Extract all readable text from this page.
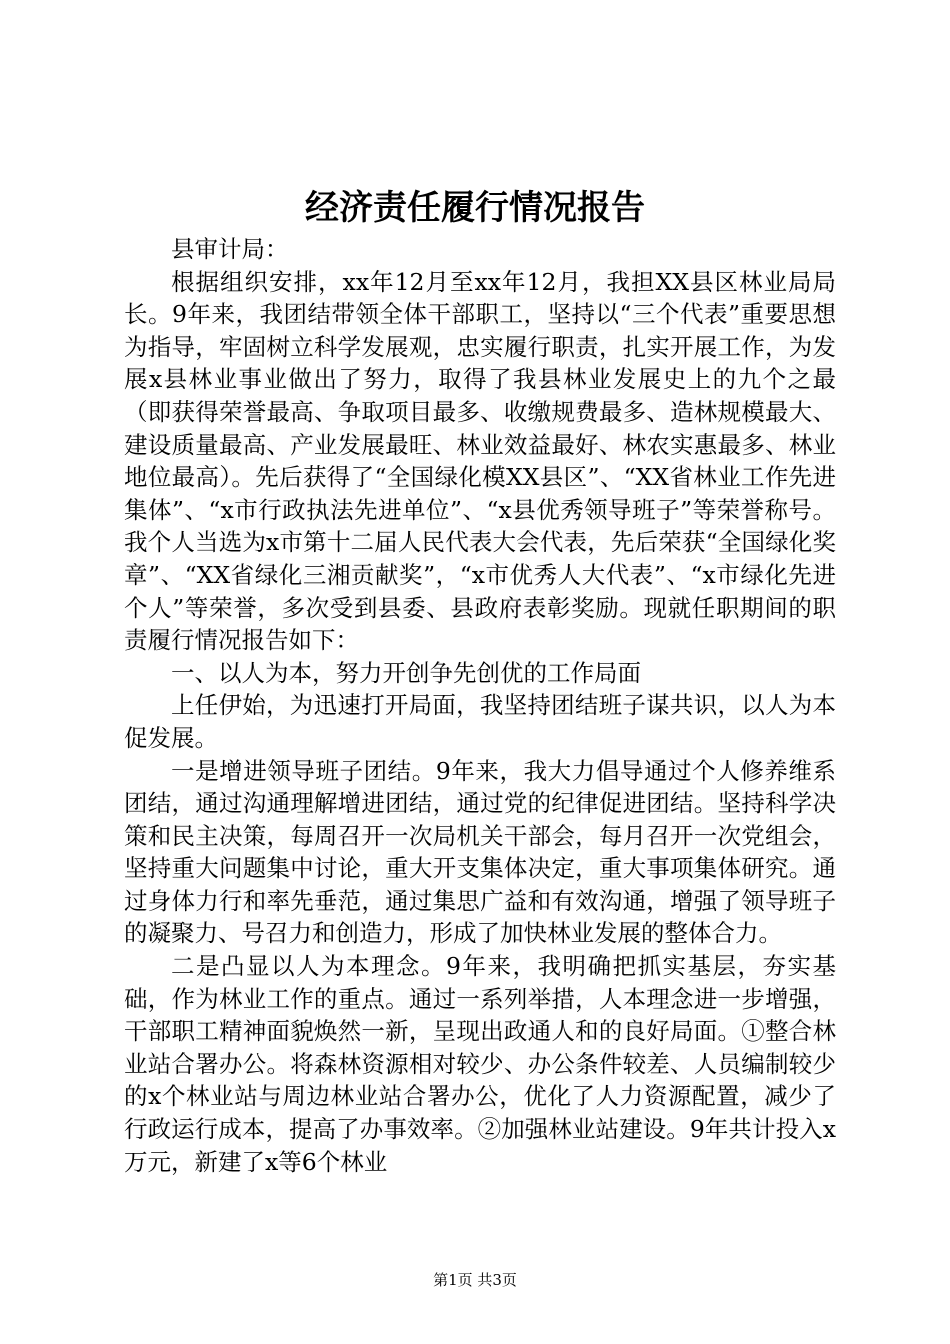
经济责任履行情况报告

县审计局：

根据组织安排，xx年12月至xx年12月，我担XX县区林业局局长。9年来，我团结带领全体干部职工，坚持以“三个代表”重要思想为指导，牢固树立科学发展观，忠实履行职责，扎实开展工作，为发展x县林业事业做出了努力，取得了我县林业发展史上的九个之最（即获得荣誉最高、争取项目最多、收缴规费最多、造林规模最大、建设质量最高、产业发展最旺、林业效益最好、林农实惠最多、林业地位最高）。先后获得了“全国绿化模XX县区”、“XX省林业工作先进集体”、“x市行政执法先进单位”、“x县优秀领导班子”等荣誉称号。我个人当选为x市第十二届人民代表大会代表，先后荣获“全国绿化奖章”、“XX省绿化三湘贡献奖”，“x市优秀人大代表”、“x市绿化先进个人”等荣誉，多次受到县委、县政府表彰奖励。现就任职期间的职责履行情况报告如下：

一、以人为本，努力开创争先创优的工作局面

上任伊始，为迅速打开局面，我坚持团结班子谋共识，以人为本促发展。

一是增进领导班子团结。9年来，我大力倡导通过个人修养维系团结，通过沟通理解增进团结，通过党的纪律促进团结。坚持科学决策和民主决策，每周召开一次局机关干部会，每月召开一次党组会，坚持重大问题集中讨论，重大开支集体决定，重大事项集体研究。通过身体力行和率先垂范，通过集思广益和有效沟通，增强了领导班子的凝聚力、号召力和创造力，形成了加快林业发展的整体合力。

二是凸显以人为本理念。9年来，我明确把抓实基层，夯实基础，作为林业工作的重点。通过一系列举措，人本理念进一步增强，干部职工精神面貌焕然一新，呈现出政通人和的良好局面。①整合林业站合署办公。将森林资源相对较少、办公条件较差、人员编制较少的x个林业站与周边林业站合署办公，优化了人力资源配置，减少了行政运行成本，提高了办事效率。②加强林业站建设。9年共计投入x万元，新建了x等6个林业

第1页 共3页
